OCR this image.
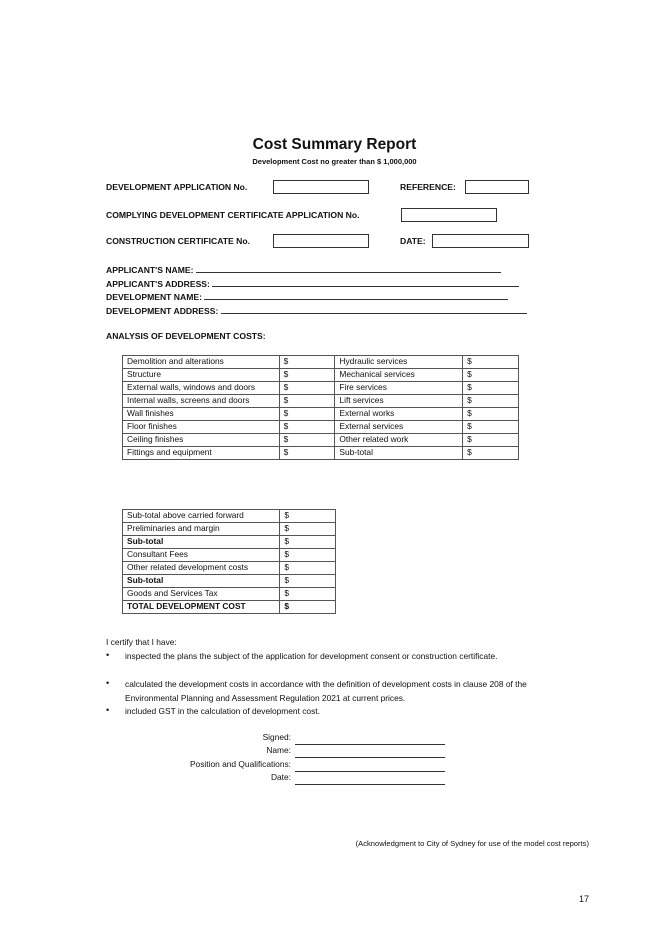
Cost Summary Report
Development Cost no greater than $ 1,000,000
DEVELOPMENT APPLICATION No.	REFERENCE:
COMPLYING DEVELOPMENT CERTIFICATE APPLICATION No.
CONSTRUCTION CERTIFICATE No.	DATE:
APPLICANT'S NAME:
APPLICANT'S ADDRESS:
DEVELOPMENT NAME:
DEVELOPMENT ADDRESS:
ANALYSIS OF DEVELOPMENT COSTS:
Demolition and alterations	$	Hydraulic services	$
Structure	$	Mechanical services	$
External walls, windows and doors	$	Fire services	$
Internal walls, screens and doors	$	Lift services	$
Wall finishes	$	External works	$
Floor finishes	$	External services	$
Ceiling finishes	$	Other related work	$
Fittings and equipment	$	Sub-total	$
Sub-total above carried forward	$
Preliminaries and margin	$
Sub-total	$
Consultant Fees	$
Other related development costs	$
Sub-total	$
Goods and Services Tax	$
TOTAL DEVELOPMENT COST	$
I certify that I have:
• inspected the plans the subject of the application for development consent or construction certificate.
• calculated the development costs in accordance with the definition of development costs in clause 208 of the Environmental Planning and Assessment Regulation 2021 at current prices.
• included GST in the calculation of development cost.
Signed:
Name:
Position and Qualifications:
Date:
(Acknowledgment to City of Sydney for use of the model cost reports)
17
